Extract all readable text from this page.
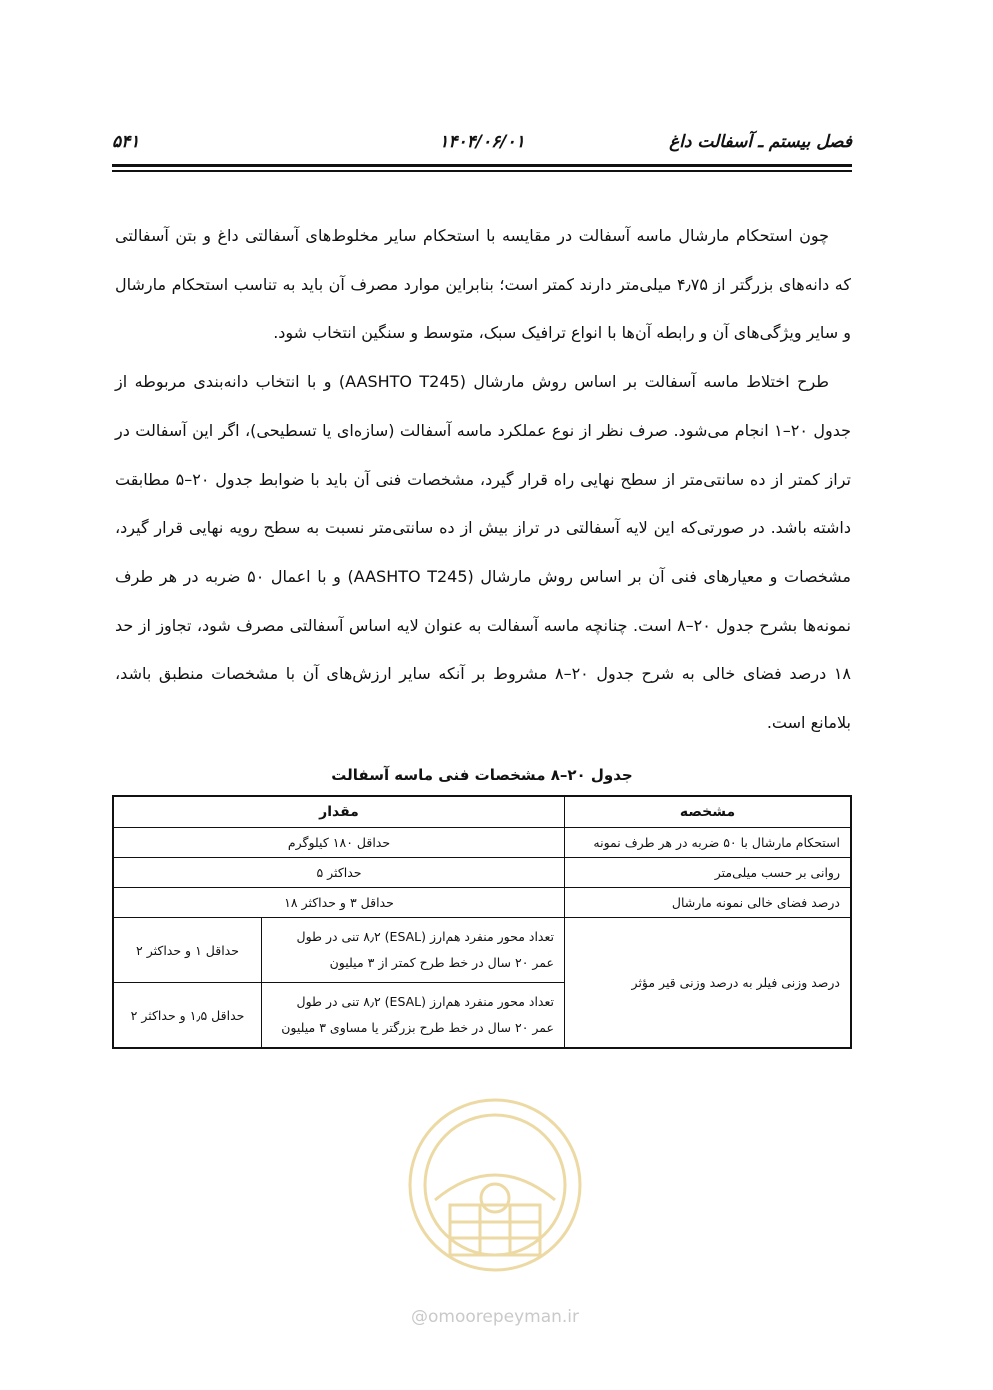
فصل بیستم ـ آسفالت داغ
۱۴۰۴/۰۶/۰۱
۵۴۱

چون استحکام مارشال ماسه آسفالت در مقایسه با استحکام سایر مخلوط‌های آسفالتی داغ و بتن آسفالتی که دانه‌های بزرگتر از ۴٫۷۵ میلی‌متر دارند کمتر است؛ بنابراین موارد مصرف آن باید به تناسب استحکام مارشال و سایر ویژگی‌های آن و رابطه آن‌ها با انواع ترافیک سبک، متوسط و سنگین انتخاب شود.

طرح اختلاط ماسه آسفالت بر اساس روش مارشال (AASHTO T245) و با انتخاب دانه‌بندی مربوطه از جدول ۲۰–۱ انجام می‌شود. صرف نظر از نوع عملکرد ماسه آسفالت (سازه‌ای یا تسطیحی)، اگر این آسفالت در تراز کمتر از ده سانتی‌متر از سطح نهایی راه قرار گیرد، مشخصات فنی آن باید با ضوابط جدول ۲۰–۵ مطابقت داشته باشد. در صورتی‌که این لایه آسفالتی در تراز بیش از ده سانتی‌متر نسبت به سطح رویه نهایی قرار گیرد، مشخصات و معیارهای فنی آن بر اساس روش مارشال (AASHTO T245) و با اعمال ۵۰ ضربه در هر طرف نمونه‌ها بشرح جدول ۲۰–۸ است. چنانچه ماسه آسفالت به عنوان لایه اساس آسفالتی مصرف شود، تجاوز از حد ۱۸ درصد فضای خالی به شرح جدول ۲۰–۸ مشروط بر آنکه سایر ارزش‌های آن با مشخصات منطبق باشد، بلامانع است.

جدول ۲۰–۸ مشخصات فنی ماسه آسفالت
مشخصه	مقدار	
استحکام مارشال با ۵۰ ضربه در هر طرف نمونه	حداقل ۱۸۰ کیلوگرم	
روانی بر حسب میلی‌متر	حداکثر ۵	
درصد فضای خالی نمونه مارشال	حداقل ۳ و حداکثر ۱۸	
درصد وزنی فیلر به درصد وزنی قیر مؤثر	تعداد محور منفرد هم‌ارز (ESAL) ۸٫۲ تنی در طول عمر ۲۰ سال در خط طرح کمتر از ۳ میلیون	حداقل ۱ و حداکثر ۲
	تعداد محور منفرد هم‌ارز (ESAL) ۸٫۲ تنی در طول عمر ۲۰ سال در خط طرح بزرگتر یا مساوی ۳ میلیون	حداقل ۱٫۵ و حداکثر ۲
@omoorepeyman.ir
